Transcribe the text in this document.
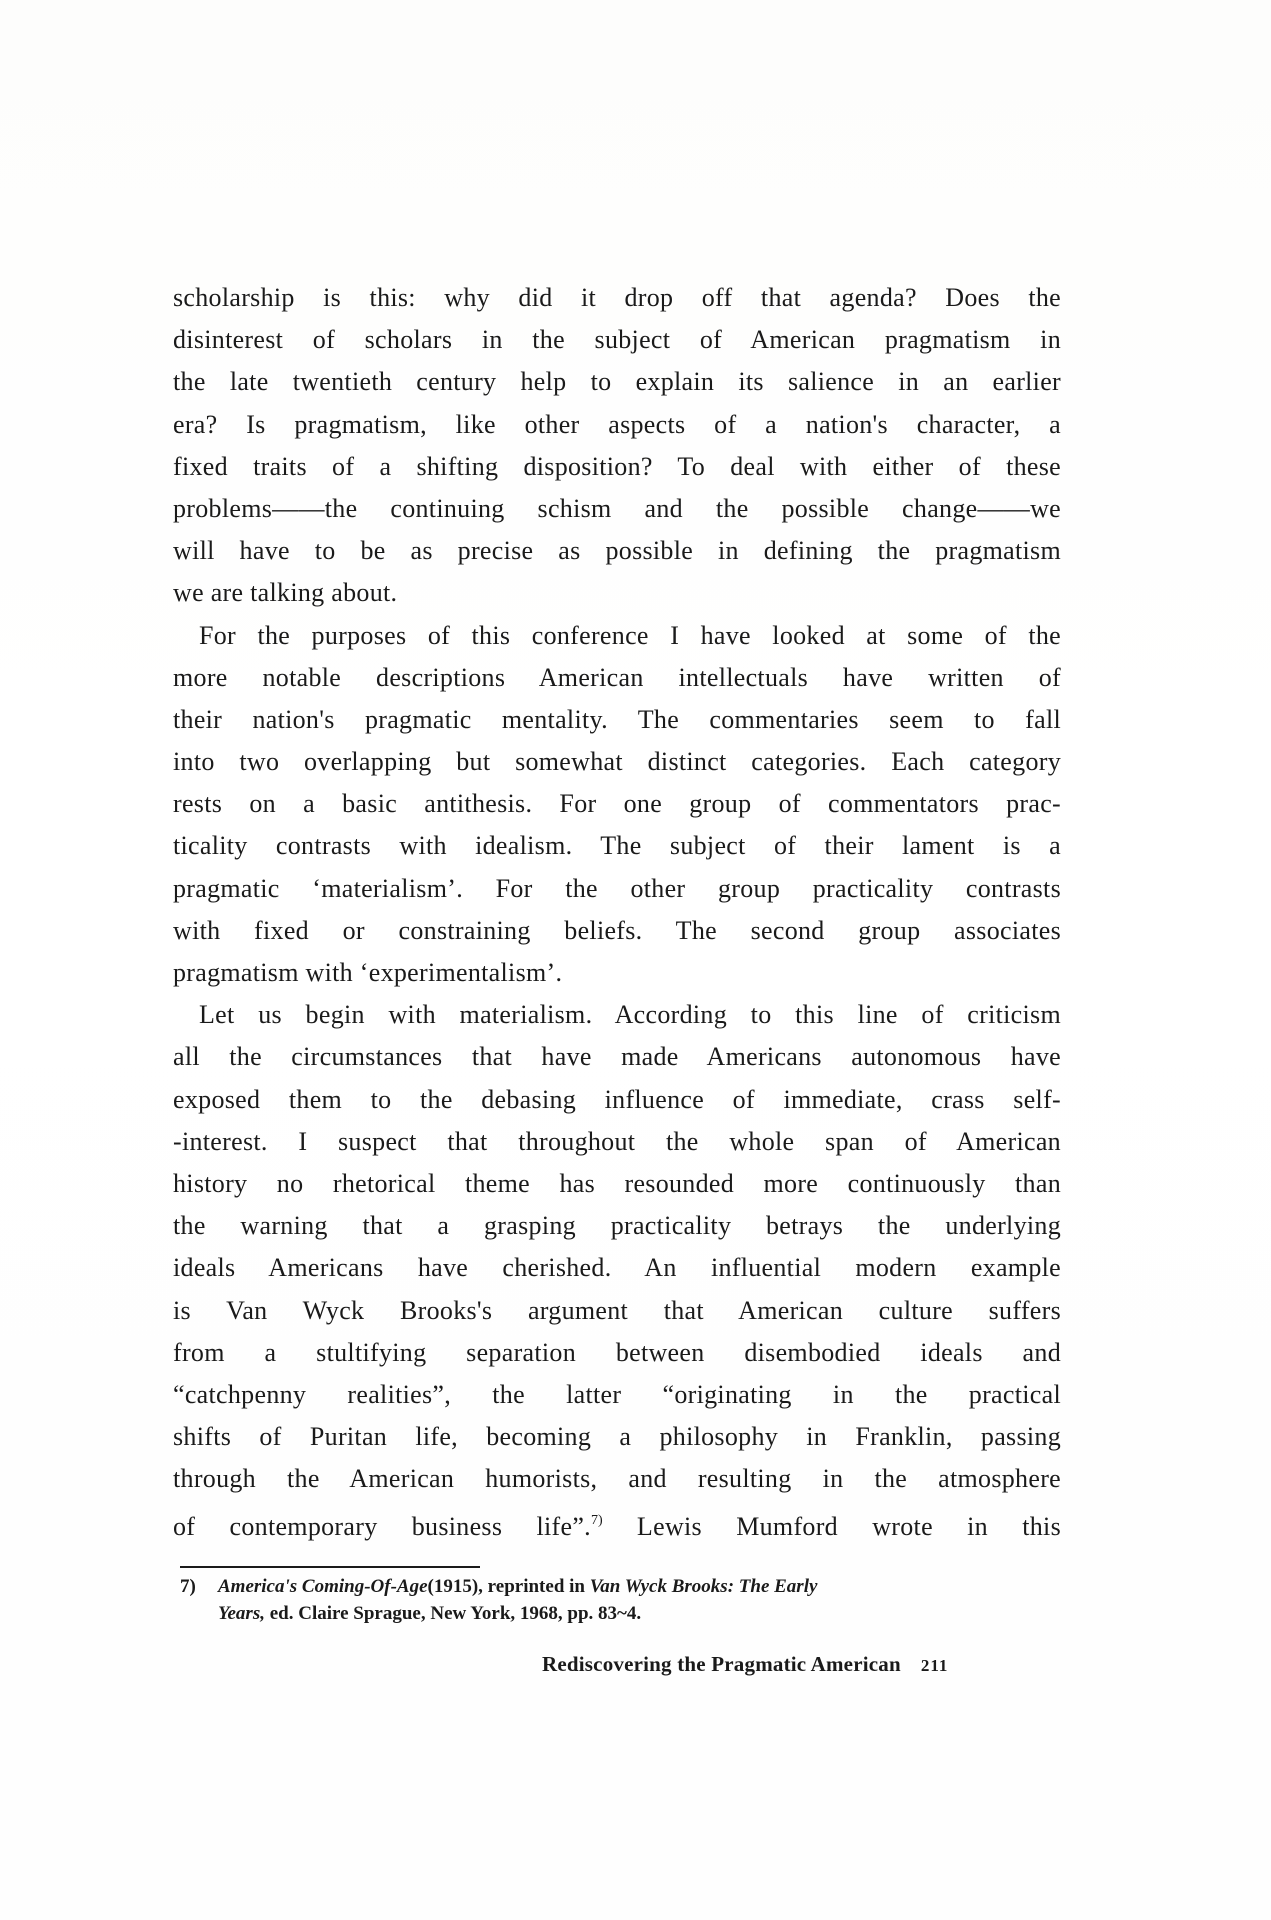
scholarship is this: why did it drop off that agenda? Does the
disinterest of scholars in the subject of American pragmatism in
the late twentieth century help to explain its salience in an earlier
era? Is pragmatism, like other aspects of a nation's character, a
fixed traits of a shifting disposition? To deal with either of these
problems——the continuing schism and the possible change——we
will have to be as precise as possible in defining the pragmatism
we are talking about.
For the purposes of this conference I have looked at some of the
more notable descriptions American intellectuals have written of
their nation's pragmatic mentality. The commentaries seem to fall
into two overlapping but somewhat distinct categories. Each category
rests on a basic antithesis. For one group of commentators prac-
ticality contrasts with idealism. The subject of their lament is a
pragmatic ‘materialism’. For the other group practicality contrasts
with fixed or constraining beliefs. The second group associates
pragmatism with ‘experimentalism’.
Let us begin with materialism. According to this line of criticism
all the circumstances that have made Americans autonomous have
exposed them to the debasing influence of immediate, crass self-
-interest. I suspect that throughout the whole span of American
history no rhetorical theme has resounded more continuously than
the warning that a grasping practicality betrays the underlying
ideals Americans have cherished. An influential modern example
is Van Wyck Brooks's argument that American culture suffers
from a stultifying separation between disembodied ideals and
“catchpenny realities”, the latter “originating in the practical
shifts of Puritan life, becoming a philosophy in Franklin, passing
through the American humorists, and resulting in the atmosphere
of contemporary business life”.$^{7)}$ Lewis Mumford wrote in this
7) America's Coming-Of-Age(1915), reprinted in Van Wyck Brooks: The Early
Years, ed. Claire Sprague, New York, 1968, pp. 83~4.
Rediscovering the Pragmatic American 211
